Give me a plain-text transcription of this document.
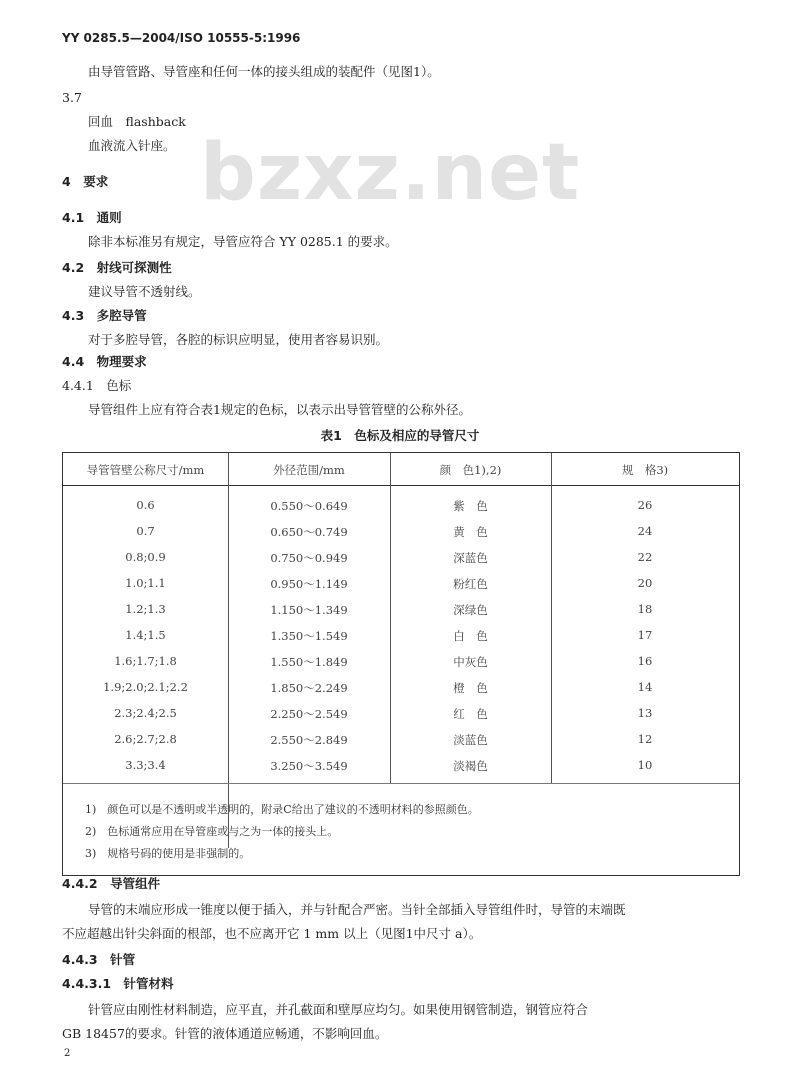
bzxz.net
YY 0285.5—2004/ISO 10555-5:1996
由导管管路、导管座和任何一体的接头组成的装配件（见图1）。
3.7
回血　flashback
血液流入针座。
4　要求
4.1　通则
除非本标准另有规定，导管应符合 YY 0285.1 的要求。
4.2　射线可探测性
建议导管不透射线。
4.3　多腔导管
对于多腔导管，各腔的标识应明显，使用者容易识别。
4.4　物理要求
4.4.1　色标
导管组件上应有符合表1规定的色标，以表示出导管管壁的公称外径。
表1　色标及相应的导管尺寸
导管管壁公称尺寸/mm	外径范围/mm	颜　色1),2)	规　格3)
0.6	0.550～0.649	紫　色	26
0.7	0.650～0.749	黄　色	24
0.8;0.9	0.750～0.949	深蓝色	22
1.0;1.1	0.950～1.149	粉红色	20
1.2;1.3	1.150～1.349	深绿色	18
1.4;1.5	1.350～1.549	白　色	17
1.6;1.7;1.8	1.550～1.849	中灰色	16
1.9;2.0;2.1;2.2	1.850～2.249	橙　色	14
2.3;2.4;2.5	2.250～2.549	红　色	13
2.6;2.7;2.8	2.550～2.849	淡蓝色	12
3.3;3.4	3.250～3.549	淡褐色	10
1)　颜色可以是不透明或半透明的，附录C给出了建议的不透明材料的参照颜色。
2)　色标通常应用在导管座或与之为一体的接头上。
3)　规格号码的使用是非强制的。
4.4.2　导管组件
导管的末端应形成一锥度以便于插入，并与针配合严密。当针全部插入导管组件时，导管的末端既
不应超越出针尖斜面的根部，也不应离开它 1 mm 以上（见图1中尺寸 a）。
4.4.3　针管
4.4.3.1　针管材料
针管应由刚性材料制造，应平直，并孔截面和壁厚应均匀。如果使用钢管制造，钢管应符合
GB 18457的要求。针管的液体通道应畅通，不影响回血。
2
